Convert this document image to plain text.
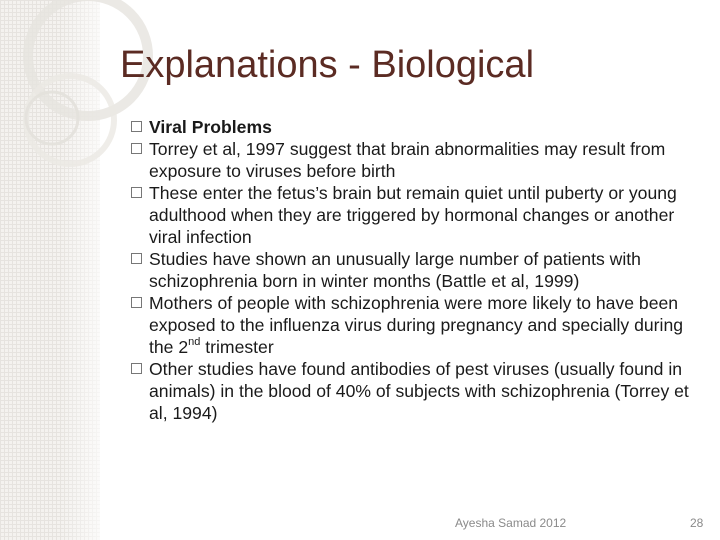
Explanations - Biological
Viral Problems
Torrey et al, 1997 suggest that brain abnormalities may result from exposure to viruses before birth
These enter the fetus’s brain but remain quiet until puberty or young adulthood when they are triggered by hormonal changes or another viral infection
Studies have shown an unusually large number of patients with schizophrenia born in winter months (Battle et al, 1999)
Mothers of people with schizophrenia were more likely to have been exposed to the influenza virus during pregnancy and specially during the 2nd trimester
Other studies have found antibodies of pest viruses (usually found in animals) in the blood of 40% of subjects with schizophrenia (Torrey et al, 1994)
Ayesha Samad 2012	28
